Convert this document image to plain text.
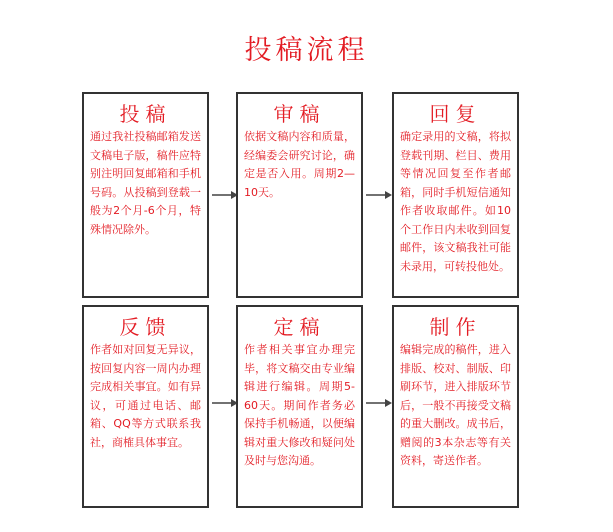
投稿流程
投稿
通过我社投稿邮箱发送文稿电子版，稿件应特别注明回复邮箱和手机号码。从投稿到登载一般为2个月-6个月，特殊情况除外。
审稿
依据文稿内容和质量，经编委会研究讨论，确定是否入用。周期2—10天。
回复
确定录用的文稿，将拟登载刊期、栏目、费用等情况回复至作者邮箱，同时手机短信通知作者收取邮件。如10个工作日内未收到回复邮件，该文稿我社可能未录用，可转投他处。
反馈
作者如对回复无异议，按回复内容一周内办理完成相关事宜。如有异议，可通过电话、邮箱、QQ等方式联系我社，商榷具体事宜。
定稿
作者相关事宜办理完毕，将文稿交由专业编辑进行编辑。周期5-60天。期间作者务必保持手机畅通，以便编辑对重大修改和疑问处及时与您沟通。
制作
编辑完成的稿件，进入排版、校对、制版、印刷环节，进入排版环节后，一般不再接受文稿的重大删改。成书后，赠阅的3本杂志等有关资料，寄送作者。
